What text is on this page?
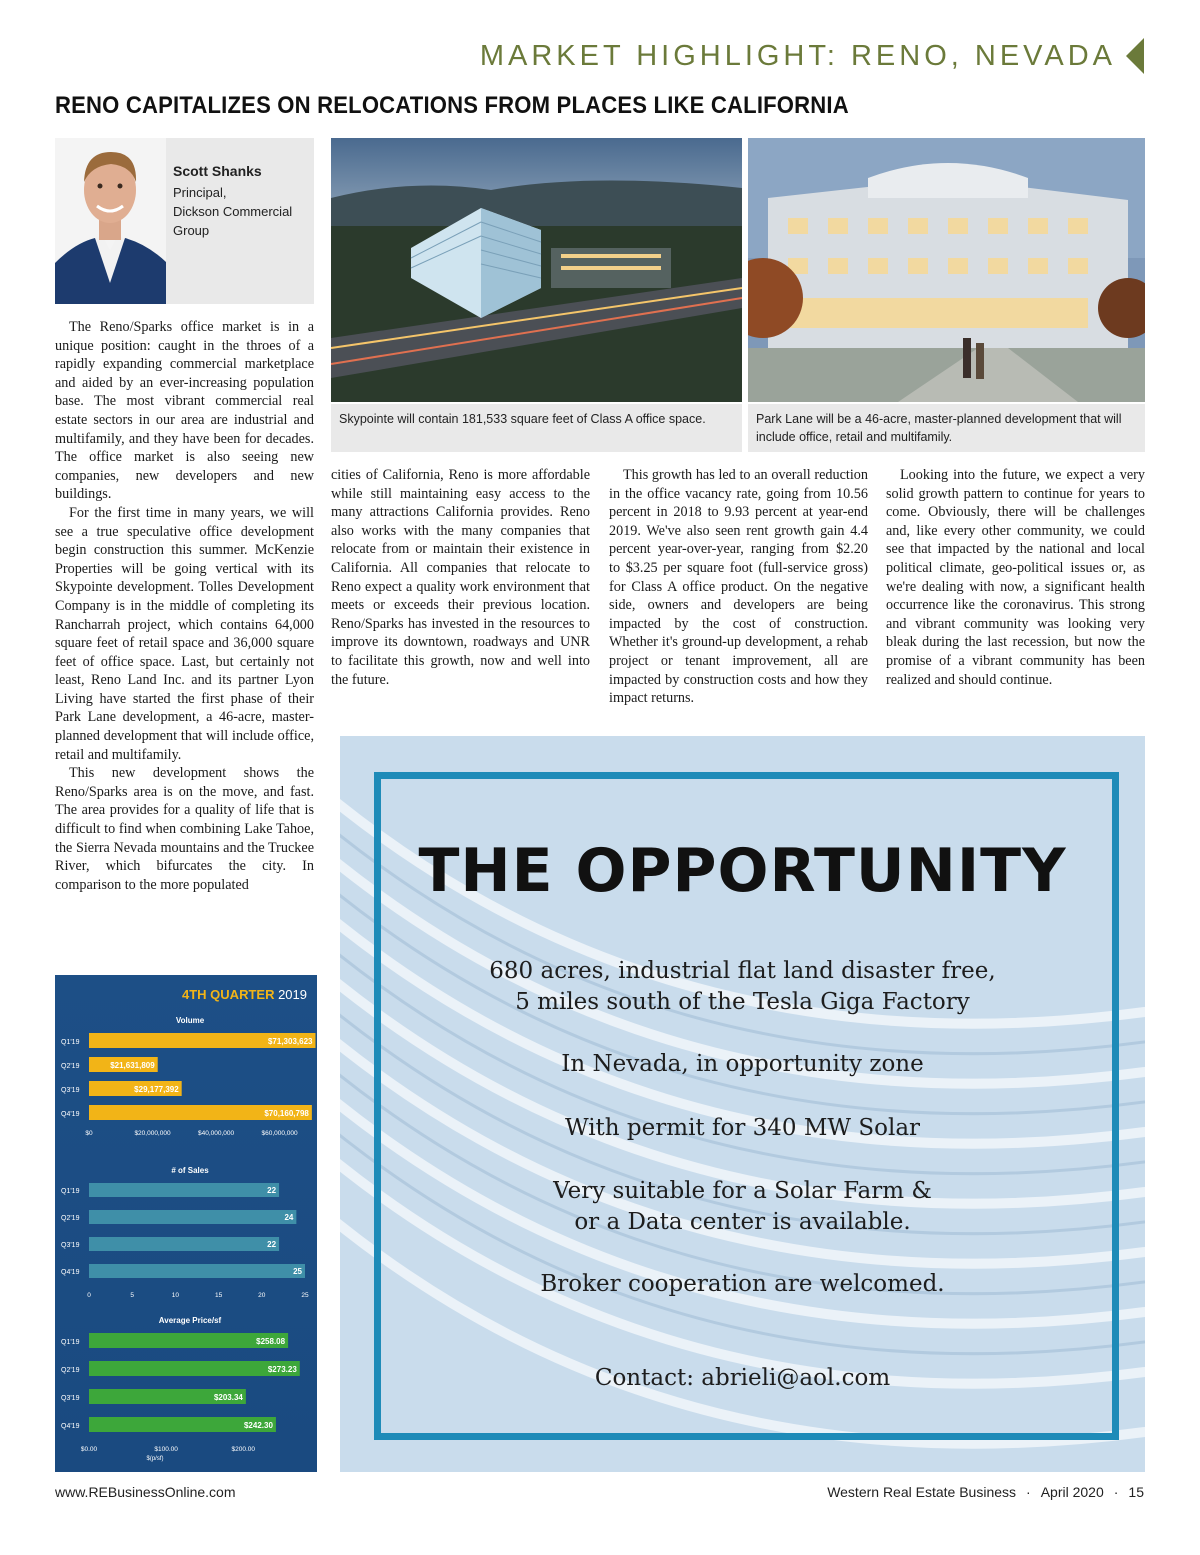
MARKET HIGHLIGHT: RENO, NEVADA
RENO CAPITALIZES ON RELOCATIONS FROM PLACES LIKE CALIFORNIA
Scott Shanks
Principal,
Dickson Commercial
Group
Skypointe will contain 181,533 square feet of Class A office space.	Park Lane will be a 46-acre, master-planned development that will include office, retail and multifamily.

The Reno/Sparks office market is in a unique position: caught in the throes of a rapidly expanding commercial marketplace and aided by an ever-increasing population base. The most vibrant commercial real estate sectors in our area are industrial and multifamily, and they have been for decades. The office market is also seeing new companies, new developers and new buildings.

For the first time in many years, we will see a true speculative office development begin construction this summer. McKenzie Properties will be going vertical with its Skypointe development. Tolles Development Company is in the middle of completing its Rancharrah project, which contains 64,000 square feet of retail space and 36,000 square feet of office space. Last, but certainly not least, Reno Land Inc. and its partner Lyon Living have started the first phase of their Park Lane development, a 46-acre, master-planned development that will include office, retail and multifamily.

This new development shows the Reno/Sparks area is on the move, and fast. The area provides for a quality of life that is difficult to find when combining Lake Tahoe, the Sierra Nevada mountains and the Truckee River, which bifurcates the city. In comparison to the more populated

cities of California, Reno is more affordable while still maintaining easy access to the many attractions California provides. Reno also works with the many companies that relocate from or maintain their existence in California. All companies that relocate to Reno expect a quality work environment that meets or exceeds their previous location. Reno/Sparks has invested in the resources to improve its downtown, roadways and UNR to facilitate this growth, now and well into the future.

This growth has led to an overall reduction in the office vacancy rate, going from 10.56 percent in 2018 to 9.93 percent at year-end 2019. We've also seen rent growth gain 4.4 percent year-over-year, ranging from $2.20 to $3.25 per square foot (full-service gross) for Class A office product. On the negative side, owners and developers are being impacted by the cost of construction. Whether it's ground-up development, a rehab project or tenant improvement, all are impacted by construction costs and how they impact returns.

Looking into the future, we expect a very solid growth pattern to continue for years to come. Obviously, there will be challenges and, like every other community, we could see that impacted by the national and local political climate, geo-political issues or, as we're dealing with now, a significant health occurrence like the coronavirus. This strong and vibrant community was looking very bleak during the last recession, but now the promise of a vibrant community has been realized and should continue.

4TH QUARTER 2019
Volume
Q1'19	$71,303,623
Q2'19	$21,631,809
Q3'19	$29,177,392
Q4'19	$70,160,798
$0	$20,000,000	$40,000,000	$60,000,000
# of Sales
Q1'19	22
Q2'19	24
Q3'19	22
Q4'19	25
0	5	10	15	20	25
Average Price/sf
Q1'19	$258.08
Q2'19	$273.23
Q3'19	$203.34
Q4'19	$242.30
$0.00	$100.00	$200.00
$(p/sf)
THE OPPORTUNITY
680 acres, industrial flat land disaster free,
5 miles south of the Tesla Giga Factory
In Nevada, in opportunity zone
With permit for 340 MW Solar
Very suitable for a Solar Farm &
or a Data center is available.
Broker cooperation are welcomed.
Contact: abrieli@aol.com
www.REBusinessOnline.com	Western Real Estate Business · April 2020 · 15
